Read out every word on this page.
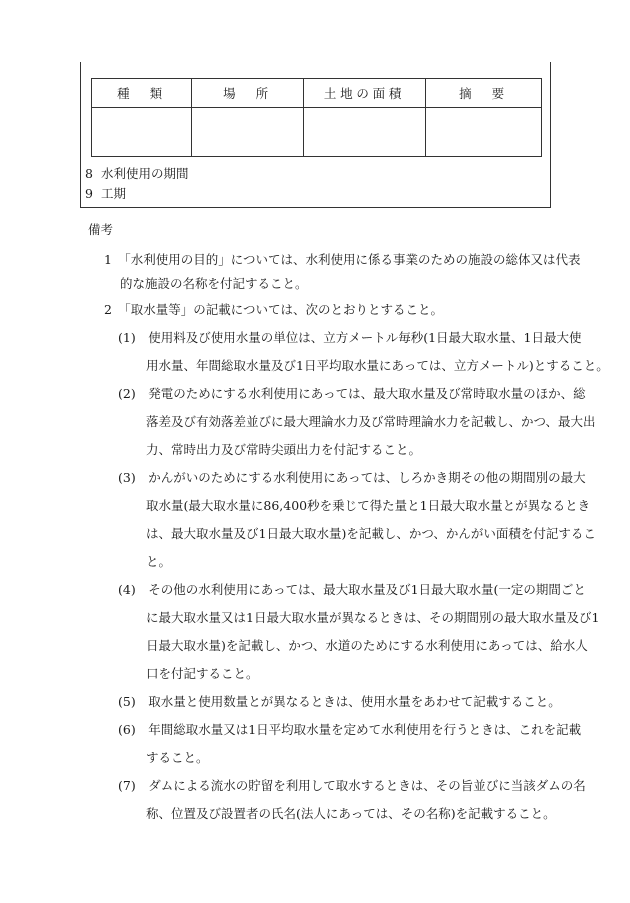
種　類	場　所	土地の面積	摘　要

8 水利使用の期間
9 工期
備考
1　「水利使用の目的」については、水利使用に係る事業のための施設の総体又は代表
的な施設の名称を付記すること。
2　「取水量等」の記載については、次のとおりとすること。
(1)　使用料及び使用水量の単位は、立方メートル毎秒(1日最大取水量、1日最大使
用水量、年間総取水量及び1日平均取水量にあっては、立方メートル)とすること。
(2)　発電のためにする水利使用にあっては、最大取水量及び常時取水量のほか、総
落差及び有効落差並びに最大理論水力及び常時理論水力を記載し、かつ、最大出
力、常時出力及び常時尖頭出力を付記すること。
(3)　かんがいのためにする水利使用にあっては、しろかき期その他の期間別の最大
取水量(最大取水量に86,400秒を乗じて得た量と1日最大取水量とが異なるとき
は、最大取水量及び1日最大取水量)を記載し、かつ、かんがい面積を付記するこ
と。
(4)　その他の水利使用にあっては、最大取水量及び1日最大取水量(一定の期間ごと
に最大取水量又は1日最大取水量が異なるときは、その期間別の最大取水量及び1
日最大取水量)を記載し、かつ、水道のためにする水利使用にあっては、給水人
口を付記すること。
(5)　取水量と使用数量とが異なるときは、使用水量をあわせて記載すること。
(6)　年間総取水量又は1日平均取水量を定めて水利使用を行うときは、これを記載
すること。
(7)　ダムによる流水の貯留を利用して取水するときは、その旨並びに当該ダムの名
称、位置及び設置者の氏名(法人にあっては、その名称)を記載すること。
